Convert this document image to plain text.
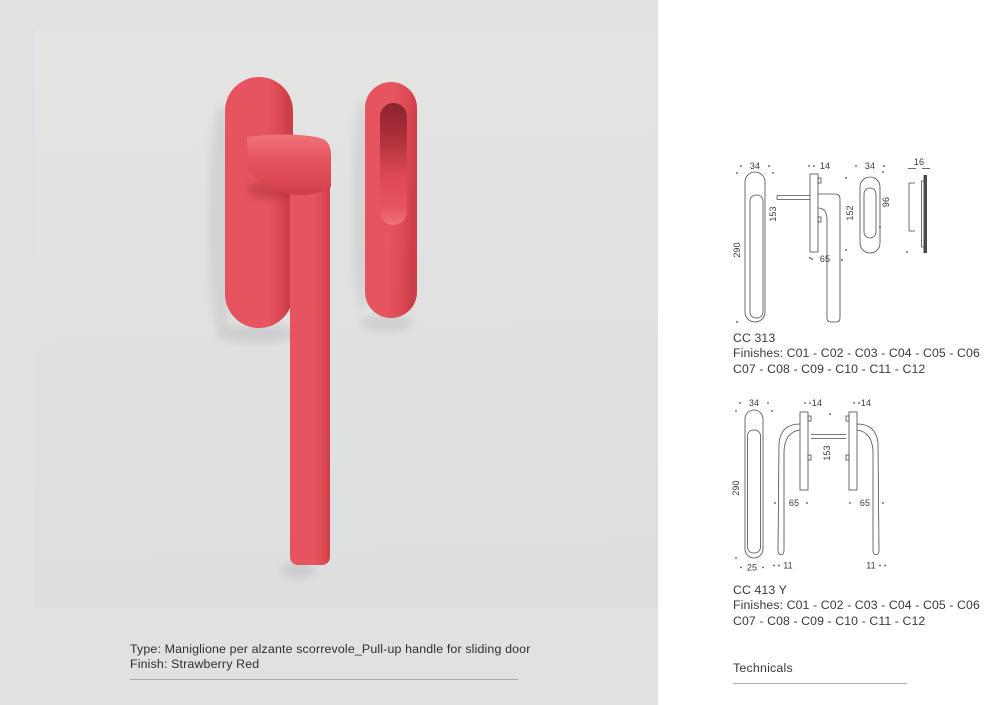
Type: Maniglione per alzante scorrevole_Pull-up handle for sliding door
Finish: Strawberry Red
34
290
14
153
65
34
152
96
16
CC 313
Finishes: C01 - C02 - C03 - C04 - C05 - C06
C07 - C08 - C09 - C10 - C11 - C12
34
290
25
14	14
153
65	65
11	11
CC 413 Y
Finishes: C01 - C02 - C03 - C04 - C05 - C06
C07 - C08 - C09 - C10 - C11 - C12
Technicals
